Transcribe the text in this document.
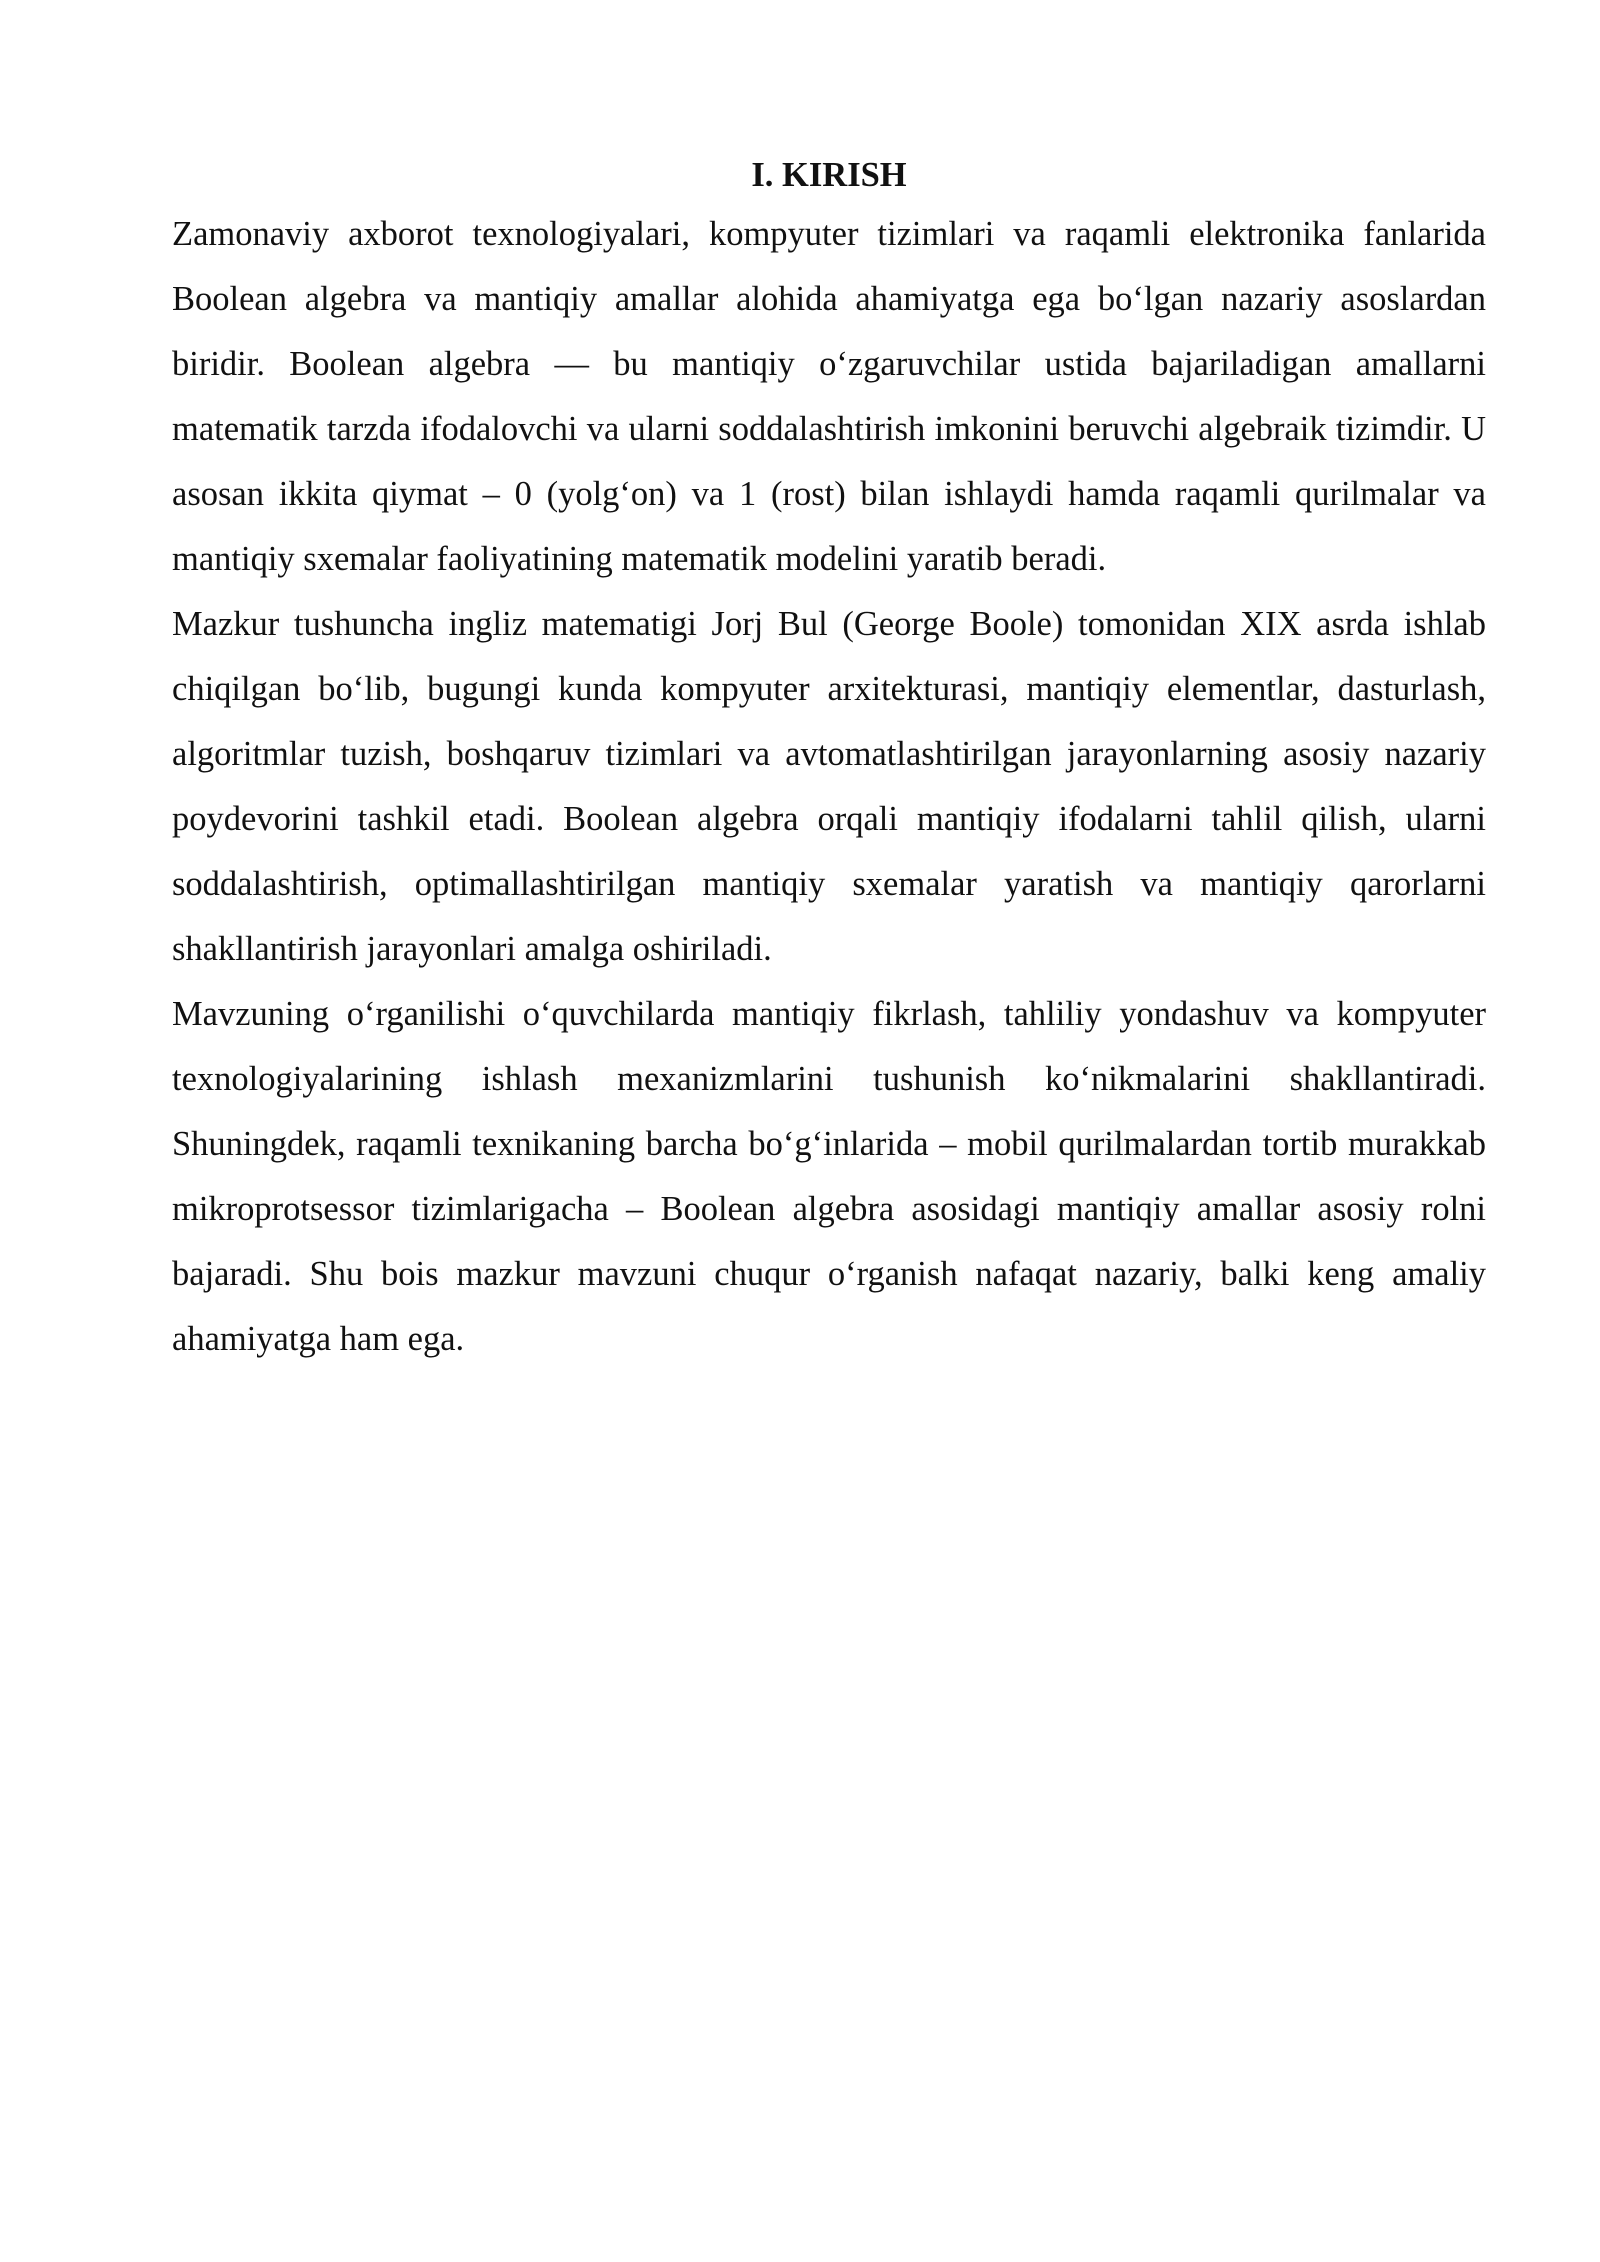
I. KIRISH

Zamonaviy axborot texnologiyalari, kompyuter tizimlari va raqamli elektronika fanlarida Boolean algebra va mantiqiy amallar alohida ahamiyatga ega bo‘lgan nazariy asoslardan biridir. Boolean algebra — bu mantiqiy o‘zgaruvchilar ustida bajariladigan amallarni matematik tarzda ifodalovchi va ularni soddalashtirish imkonini beruvchi algebraik tizimdir. U asosan ikkita qiymat – 0 (yolg‘on) va 1 (rost) bilan ishlaydi hamda raqamli qurilmalar va mantiqiy sxemalar faoliyatining matematik modelini yaratib beradi.

Mazkur tushuncha ingliz matematigi Jorj Bul (George Boole) tomonidan XIX asrda ishlab chiqilgan bo‘lib, bugungi kunda kompyuter arxitekturasi, mantiqiy elementlar, dasturlash, algoritmlar tuzish, boshqaruv tizimlari va avtomatlashtirilgan jarayonlarning asosiy nazariy poydevorini tashkil etadi. Boolean algebra orqali mantiqiy ifodalarni tahlil qilish, ularni soddalashtirish, optimallashtirilgan mantiqiy sxemalar yaratish va mantiqiy qarorlarni shakllantirish jarayonlari amalga oshiriladi.

Mavzuning o‘rganilishi o‘quvchilarda mantiqiy fikrlash, tahliliy yondashuv va kompyuter texnologiyalarining ishlash mexanizmlarini tushunish ko‘nikmalarini shakllantiradi. Shuningdek, raqamli texnikaning barcha bo‘g‘inlarida – mobil qurilmalardan tortib murakkab mikroprotsessor tizimlarigacha – Boolean algebra asosidagi mantiqiy amallar asosiy rolni bajaradi. Shu bois mazkur mavzuni chuqur o‘rganish nafaqat nazariy, balki keng amaliy ahamiyatga ham ega.
